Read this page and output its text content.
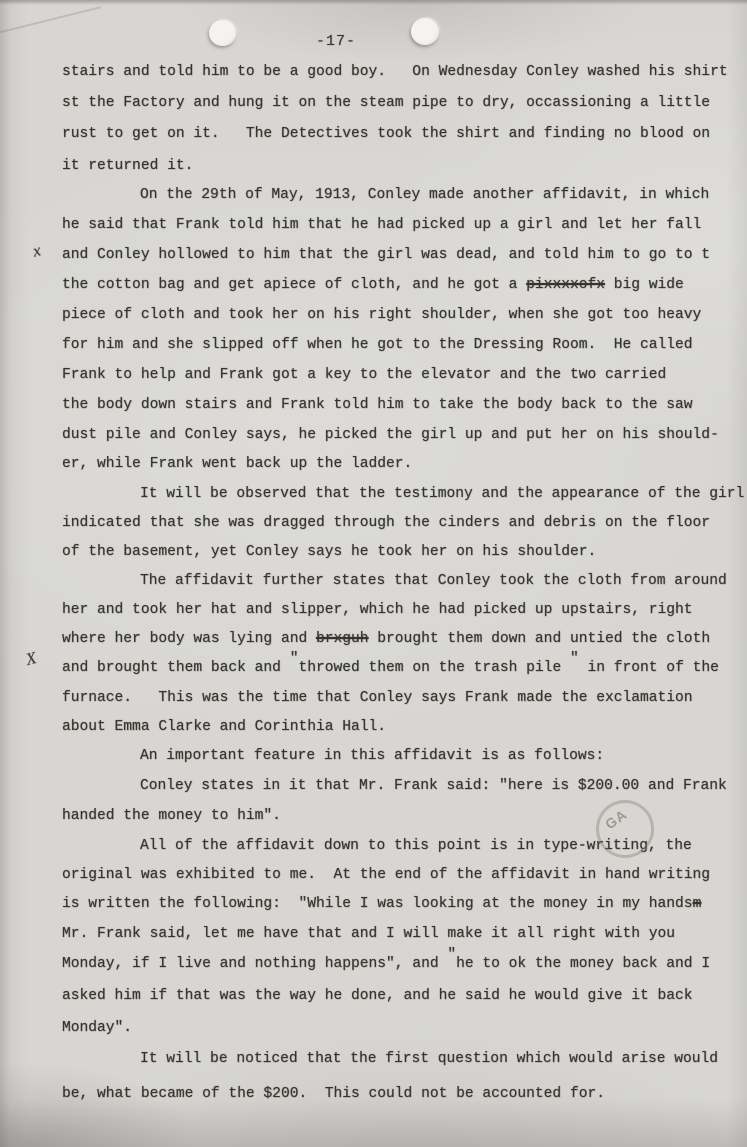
-17-
stairs and told him to be a good boy.   On Wednesday Conley washed his shirt
st the Factory and hung it on the steam pipe to dry, occassioning a little
rust to get on it.   The Detectives took the shirt and finding no blood on
it returned it.
On the 29th of May, 1913, Conley made another affidavit, in which
he said that Frank told him that he had picked up a girl and let her fall
and Conley hollowed to him that the girl was dead, and told him to go to t
the cotton bag and get apiece of cloth, and he got a pixxxxofx big wide
piece of cloth and took her on his right shoulder, when she got too heavy
for him and she slipped off when he got to the Dressing Room.  He called
Frank to help and Frank got a key to the elevator and the two carried
the body down stairs and Frank told him to take the body back to the saw
dust pile and Conley says, he picked the girl up and put her on his should-
er, while Frank went back up the ladder.
It will be observed that the testimony and the appearance of the girl
indicated that she was dragged through the cinders and debris on the floor
of the basement, yet Conley says he took her on his shoulder.
The affidavit further states that Conley took the cloth from around
her and took her hat and slipper, which he had picked up upstairs, right
where her body was lying and brxguh brought them down and untied the cloth
and brought them back and "throwed them on the trash pile " in front of the
furnace.   This was the time that Conley says Frank made the exclamation
about Emma Clarke and Corinthia Hall.
An important feature in this affidavit is as follows:
Conley states in it that Mr. Frank said: "here is $200.00 and Frank
handed the money to him".
All of the affidavit down to this point is in type-writing, the
original was exhibited to me.  At the end of the affidavit in hand writing
is written the following:  "While I was looking at the money in my handsm
Mr. Frank said, let me have that and I will make it all right with you
Monday, if I live and nothing happens", and "he to ok the money back and I
asked him if that was the way he done, and he said he would give it back
Monday".
It will be noticed that the first question which would arise would
be, what became of the $200.  This could not be accounted for.
GA
x
X
